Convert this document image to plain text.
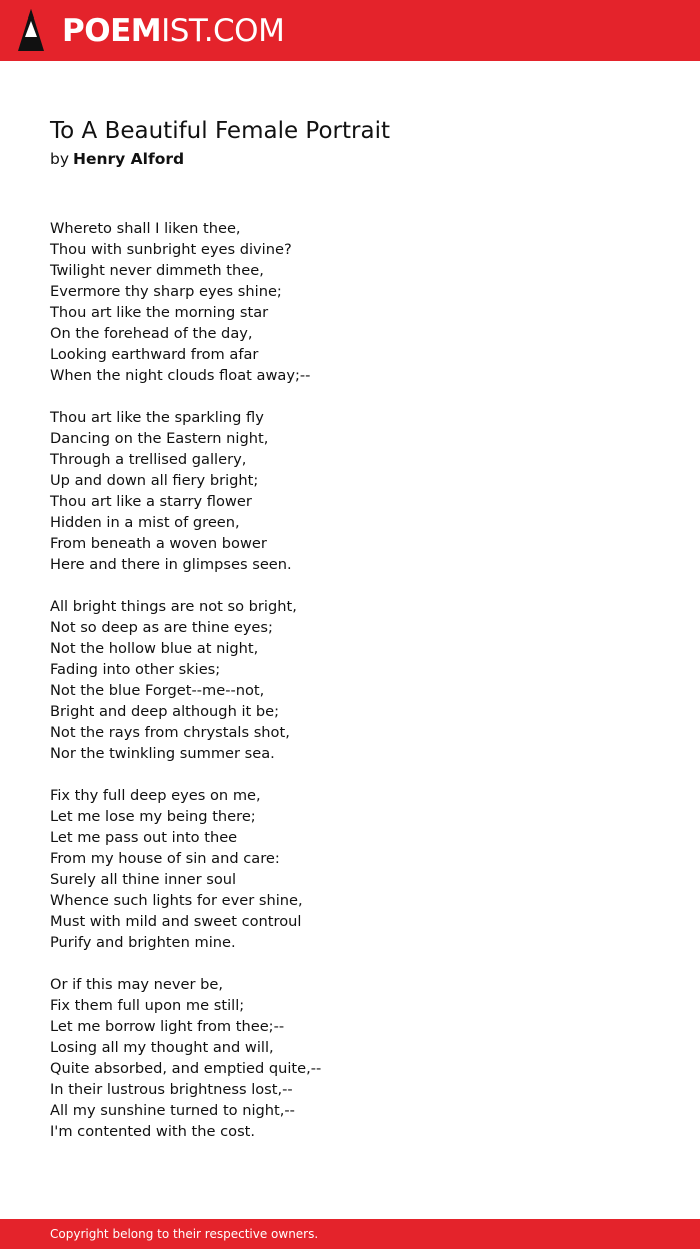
POEMIST.COM
To A Beautiful Female Portrait
by Henry Alford
Whereto shall I liken thee,
Thou with sunbright eyes divine?
Twilight never dimmeth thee,
Evermore thy sharp eyes shine;
Thou art like the morning star
On the forehead of the day,
Looking earthward from afar
When the night clouds float away;--
Thou art like the sparkling fly
Dancing on the Eastern night,
Through a trellised gallery,
Up and down all fiery bright;
Thou art like a starry flower
Hidden in a mist of green,
From beneath a woven bower
Here and there in glimpses seen.
All bright things are not so bright,
Not so deep as are thine eyes;
Not the hollow blue at night,
Fading into other skies;
Not the blue Forget--me--not,
Bright and deep although it be;
Not the rays from chrystals shot,
Nor the twinkling summer sea.
Fix thy full deep eyes on me,
Let me lose my being there;
Let me pass out into thee
From my house of sin and care:
Surely all thine inner soul
Whence such lights for ever shine,
Must with mild and sweet controul
Purify and brighten mine.
Or if this may never be,
Fix them full upon me still;
Let me borrow light from thee;--
Losing all my thought and will,
Quite absorbed, and emptied quite,--
In their lustrous brightness lost,--
All my sunshine turned to night,--
I'm contented with the cost.
Copyright belong to their respective owners.
